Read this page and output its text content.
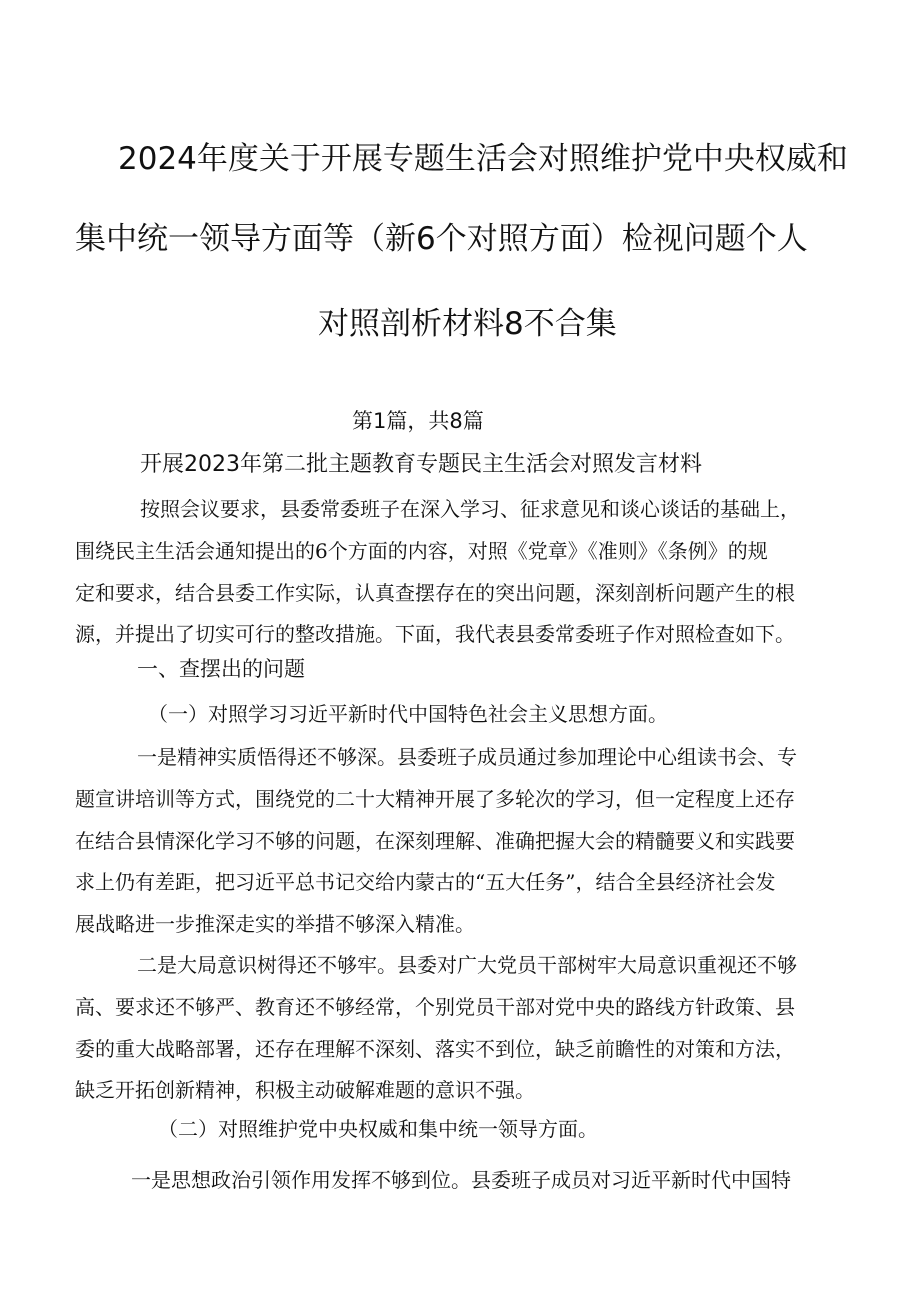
2024年度关于开展专题生活会对照维护党中央权威和
集中统一领导方面等（新6个对照方面）检视问题个人
对照剖析材料8不合集
第1篇，共8篇
开展2023年第二批主题教育专题民主生活会对照发言材料
按照会议要求，县委常委班子在深入学习、征求意见和谈心谈话的基础上，
围绕民主生活会通知提出的6个方面的内容，对照《党章》《准则》《条例》的规
定和要求，结合县委工作实际，认真查摆存在的突出问题，深刻剖析问题产生的根
源，并提出了切实可行的整改措施。下面，我代表县委常委班子作对照检查如下。
一、查摆出的问题
（一）对照学习习近平新时代中国特色社会主义思想方面。
一是精神实质悟得还不够深。县委班子成员通过参加理论中心组读书会、专
题宣讲培训等方式，围绕党的二十大精神开展了多轮次的学习，但一定程度上还存
在结合县情深化学习不够的问题，在深刻理解、准确把握大会的精髓要义和实践要
求上仍有差距，把习近平总书记交给内蒙古的“五大任务”，结合全县经济社会发
展战略进一步推深走实的举措不够深入精准。
二是大局意识树得还不够牢。县委对广大党员干部树牢大局意识重视还不够
高、要求还不够严、教育还不够经常，个别党员干部对党中央的路线方针政策、县
委的重大战略部署，还存在理解不深刻、落实不到位，缺乏前瞻性的对策和方法，
缺乏开拓创新精神，积极主动破解难题的意识不强。
（二）对照维护党中央权威和集中统一领导方面。
一是思想政治引领作用发挥不够到位。县委班子成员对习近平新时代中国特
